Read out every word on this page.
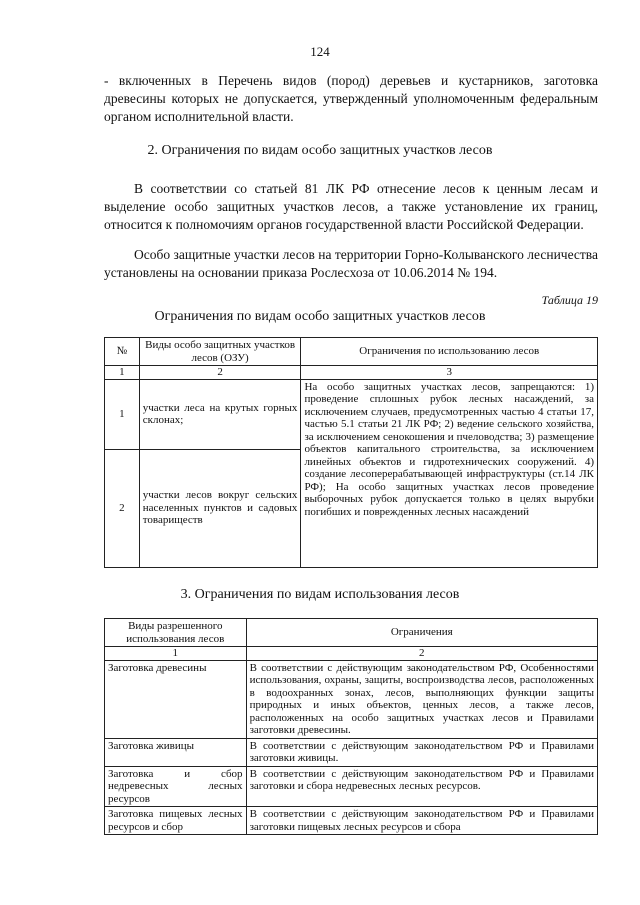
124
- включенных в Перечень видов (пород) деревьев и кустарников, заготовка древесины которых не допускается, утвержденный уполномоченным федеральным органом исполнительной власти.
2. Ограничения по видам особо защитных участков лесов
В соответствии со статьей 81 ЛК РФ отнесение лесов к ценным лесам и выделение особо защитных участков лесов, а также установление их границ, относится к полномочиям органов государственной власти Российской Федерации.
Особо защитные участки лесов на территории Горно-Колыванского лесничества установлены на основании приказа Рослесхоза от 10.06.2014 № 194.
Таблица 19
Ограничения по видам особо защитных участков лесов
№	Виды особо защитных участков лесов (ОЗУ)	Ограничения по использованию лесов
1	2	3
1	участки леса на крутых горных склонах;	На особо защитных участках лесов, запрещаются: 1) проведение сплошных рубок лесных насаждений, за исключением случаев, предусмотренных частью 4 статьи 17, частью 5.1 статьи 21 ЛК РФ; 2) ведение сельского хозяйства, за исключением сенокошения и пчеловодства; 3) размещение объектов капитального строительства, за исключением линейных объектов и гидротехнических сооружений. 4) создание лесоперерабатывающей инфраструктуры (ст.14 ЛК РФ); На особо защитных участках лесов проведение выборочных рубок допускается только в целях вырубки погибших и поврежденных лесных насаждений
2	участки лесов вокруг сельских населенных пунктов и садовых товариществ	
3. Ограничения по видам использования лесов
Виды разрешенного использования лесов	Ограничения
1	2
Заготовка древесины	В соответствии с действующим законодательством РФ, Особенностями использования, охраны, защиты, воспроизводства лесов, расположенных в водоохранных зонах, лесов, выполняющих функции защиты природных и иных объектов, ценных лесов, а также лесов, расположенных на особо защитных участках лесов и Правилами заготовки древесины.
Заготовка живицы	В соответствии с действующим законодательством РФ и Правилами заготовки живицы.
Заготовка и сбор недревесных лесных ресурсов	В соответствии с действующим законодательством РФ и Правилами заготовки и сбора недревесных лесных ресурсов.
Заготовка пищевых лесных ресурсов и сбор	В соответствии с действующим законодательством РФ и Правилами заготовки пищевых лесных ресурсов и сбора
